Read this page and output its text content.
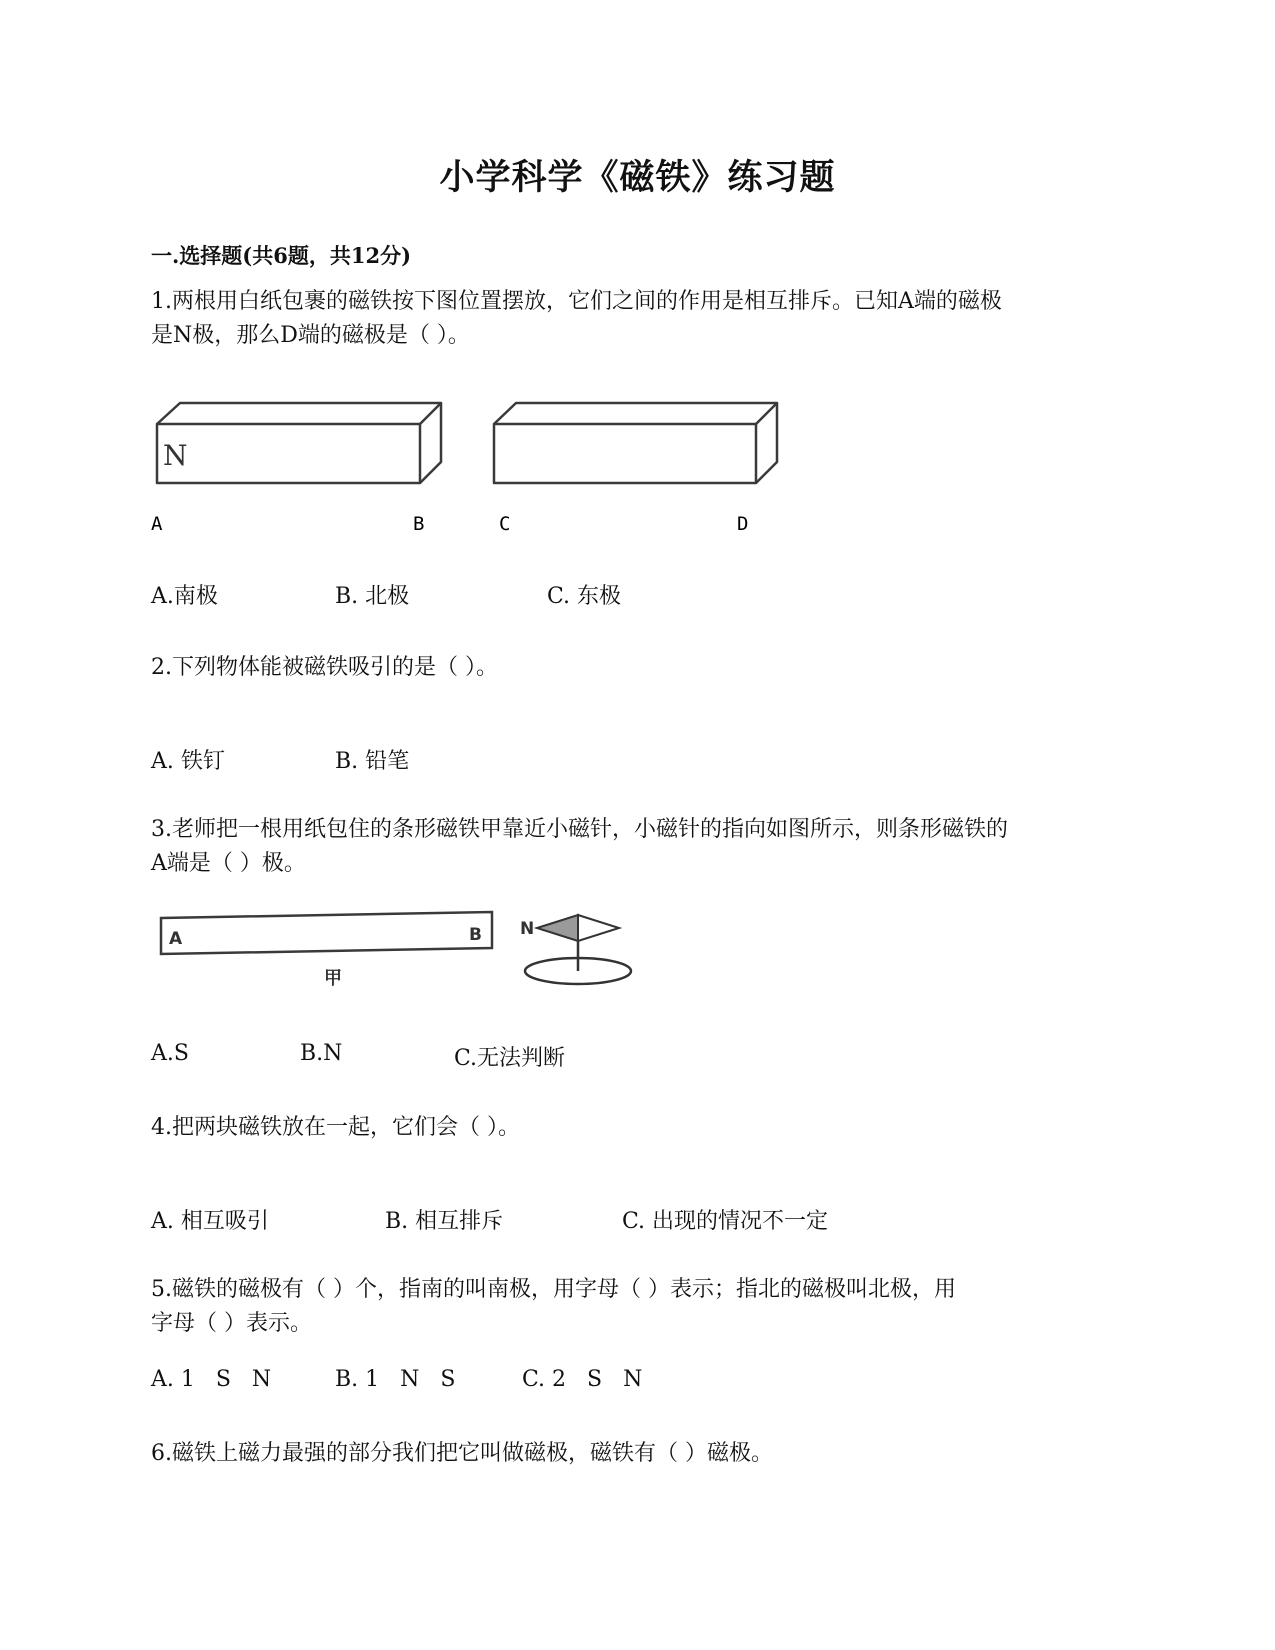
小学科学《磁铁》练习题
一.选择题(共6题，共12分)
1.两根用白纸包裹的磁铁按下图位置摆放，它们之间的作用是相互排斥。已知A端的磁极
是N极，那么D端的磁极是（ ）。
N
A	B	C	D
A.南极	B. 北极	C. 东极
2.下列物体能被磁铁吸引的是（ ）。
A. 铁钉	B. 铅笔
3.老师把一根用纸包住的条形磁铁甲靠近小磁针，小磁针的指向如图所示，则条形磁铁的
A端是（ ）极。
A	B
甲
N
A.S	B.N	C.无法判断
4.把两块磁铁放在一起，它们会（ ）。
A. 相互吸引	B. 相互排斥	C. 出现的情况不一定
5.磁铁的磁极有（ ）个，指南的叫南极，用字母（ ）表示；指北的磁极叫北极，用
字母（ ）表示。
A. 1   S   N	B. 1   N   S	C. 2   S   N
6.磁铁上磁力最强的部分我们把它叫做磁极，磁铁有（ ）磁极。
